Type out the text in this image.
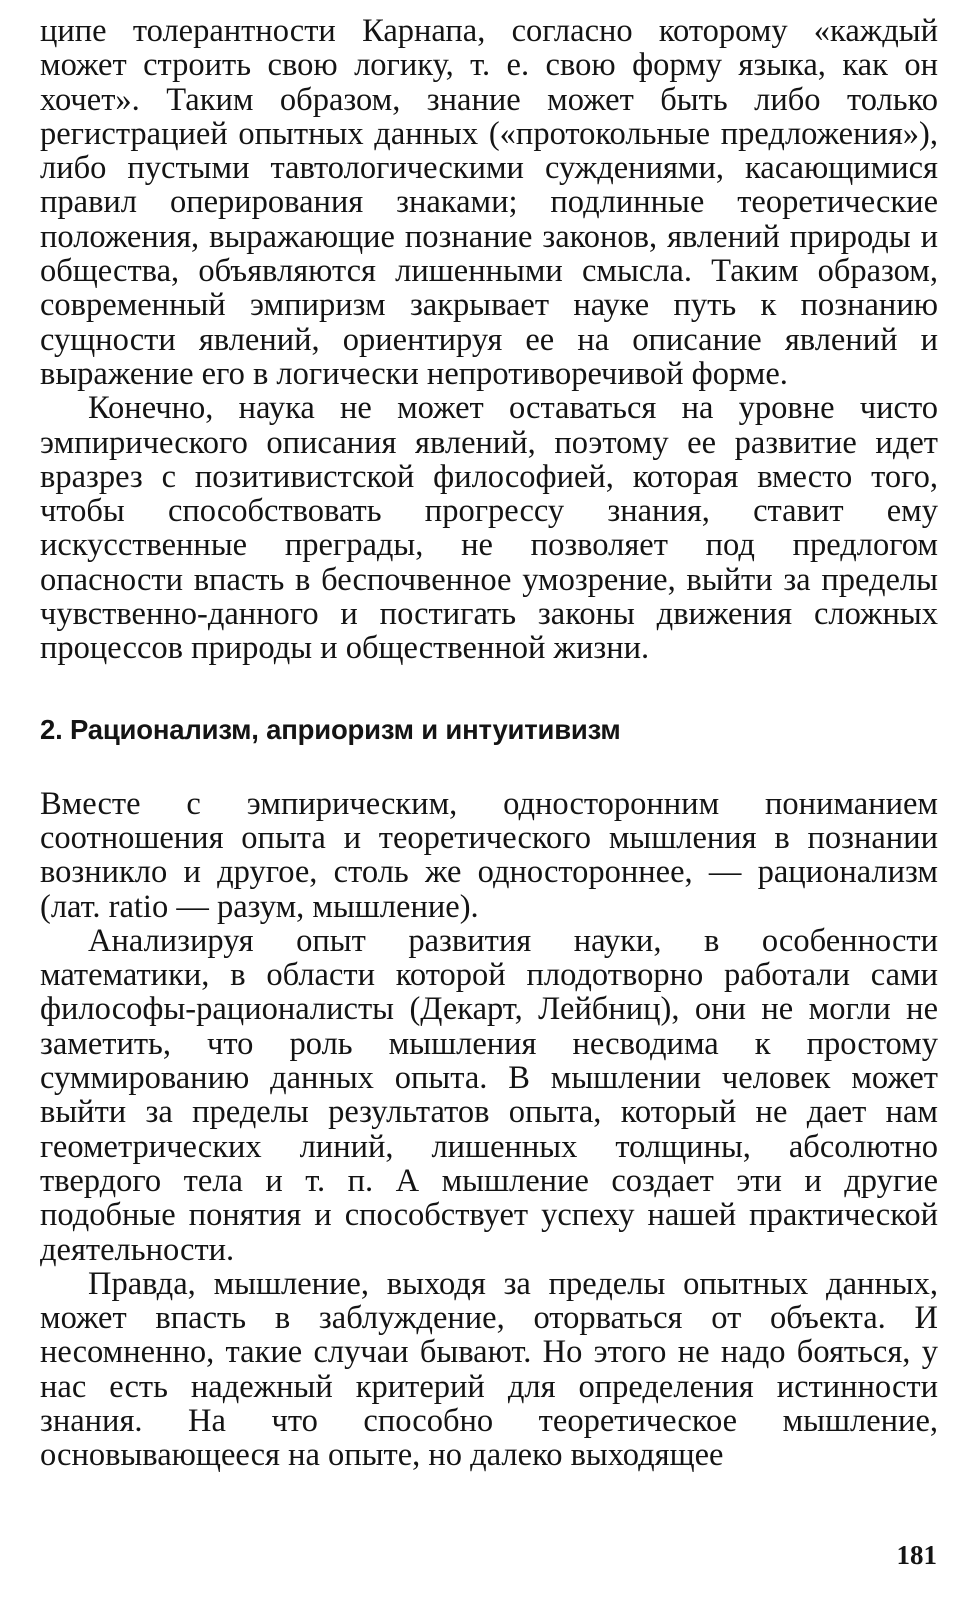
ципе толерантности Карнапа, согласно которому «каждый может строить свою логику, т. е. свою форму языка, как он хочет». Таким образом, знание может быть либо только регистрацией опытных данных («протокольные предложения»), либо пустыми тавтологическими суждениями, касающимися правил оперирования знаками; подлинные теоретические положения, выражающие познание законов, явлений природы и общества, объявляются лишенными смысла. Таким образом, современный эмпиризм закрывает науке путь к познанию сущности явлений, ориентируя ее на описание явлений и выражение его в логически непротиворечивой форме.

Конечно, наука не может оставаться на уровне чисто эмпирического описания явлений, поэтому ее развитие идет вразрез с позитивистской философией, которая вместо того, чтобы способствовать прогрессу знания, ставит ему искусственные преграды, не позволяет под предлогом опасности впасть в беспочвенное умозрение, выйти за пределы чувственно-данного и постигать законы движения сложных процессов природы и общественной жизни.

2. Рационализм, априоризм и интуитивизм

Вместе с эмпирическим, односторонним пониманием соотношения опыта и теоретического мышления в познании возникло и другое, столь же одностороннее, — рационализм (лат. ratio — разум, мышление).

Анализируя опыт развития науки, в особенности математики, в области которой плодотворно работали сами философы-рационалисты (Декарт, Лейбниц), они не могли не заметить, что роль мышления несводима к простому суммированию данных опыта. В мышлении человек может выйти за пределы результатов опыта, который не дает нам геометрических линий, лишенных толщины, абсолютно твердого тела и т. п. А мышление создает эти и другие подобные понятия и способствует успеху нашей практической деятельности.

Правда, мышление, выходя за пределы опытных данных, может впасть в заблуждение, оторваться от объекта. И несомненно, такие случаи бывают. Но этого не надо бояться, у нас есть надежный критерий для определения истинности знания. На что способно теоретическое мышление, основывающееся на опыте, но далеко выходящее

181
